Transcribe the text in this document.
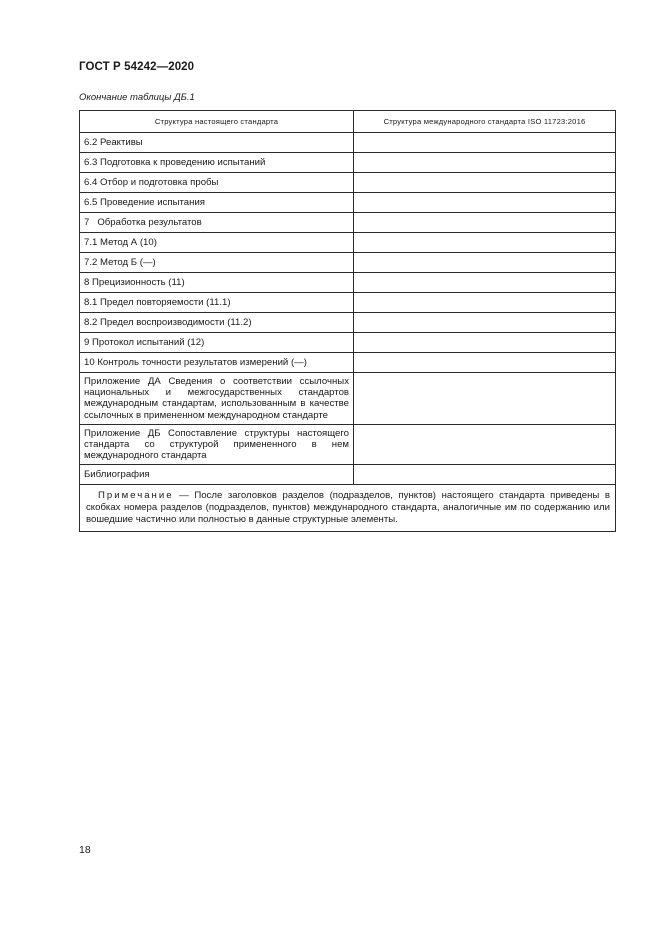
ГОСТ Р 54242—2020
Окончание таблицы ДБ.1
Структура настоящего стандарта	Структура международного стандарта ISO 11723:2016
6.2 Реактивы	
6.3 Подготовка к проведению испытаний	
6.4 Отбор и подготовка пробы	
6.5 Проведение испытания	
7   Обработка результатов	
7.1 Метод А (10)	
7.2 Метод Б (—)	
8 Прецизионность (11)	
8.1 Предел повторяемости (11.1)	
8.2 Предел воспроизводимости (11.2)	
9 Протокол испытаний (12)	
10 Контроль точности результатов измерений (—)	
Приложение ДА Сведения о соответствии ссылочных национальных и межгосударственных стандартов международным стандартам, использованным в качестве ссылочных в примененном международном стандарте	
Приложение ДБ Сопоставление структуры настоящего стандарта со структурой примененного в нем международного стандарта	
Библиография	

Примечание — После заголовков разделов (подразделов, пунктов) настоящего стандарта приведены в скобках номера разделов (подразделов, пунктов) международного стандарта, аналогичные им по содержанию или вошедшие частично или полностью в данные структурные элементы.	
18
